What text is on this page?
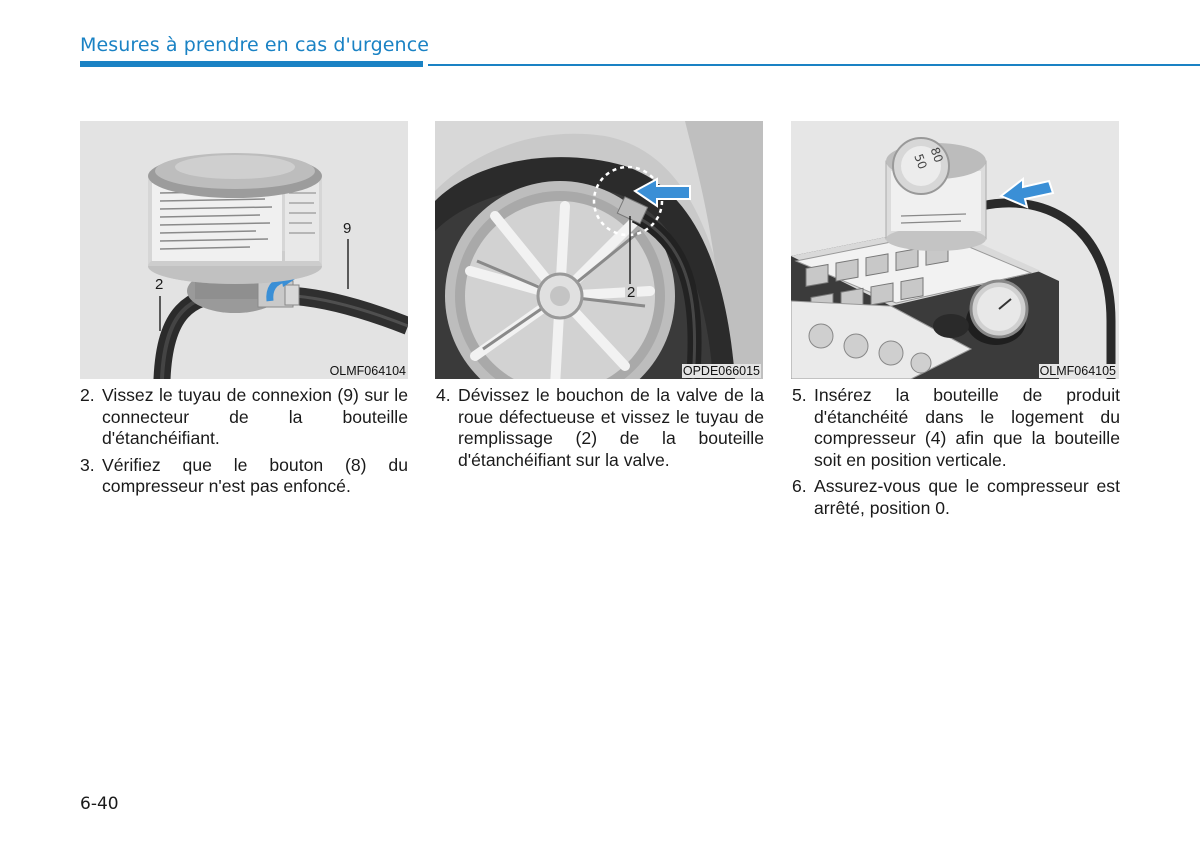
Mesures à prendre en cas d'urgence
9
2
OLMF064104
2
OPDE066015
50
80
OLMF064105
2. Vissez le tuyau de connexion (9) sur le connecteur de la bouteille d'étanchéifiant.
3. Vérifiez que le bouton (8) du compresseur n'est pas enfoncé.
4. Dévissez le bouchon de la valve de la roue défectueuse et vissez le tuyau de remplissage (2) de la bouteille d'étanchéifiant sur la valve.
5. Insérez la bouteille de produit d'étanchéité dans le logement du compresseur (4) afin que la bouteille soit en position verticale.
6. Assurez-vous que le compresseur est arrêté, position 0.
6-40
